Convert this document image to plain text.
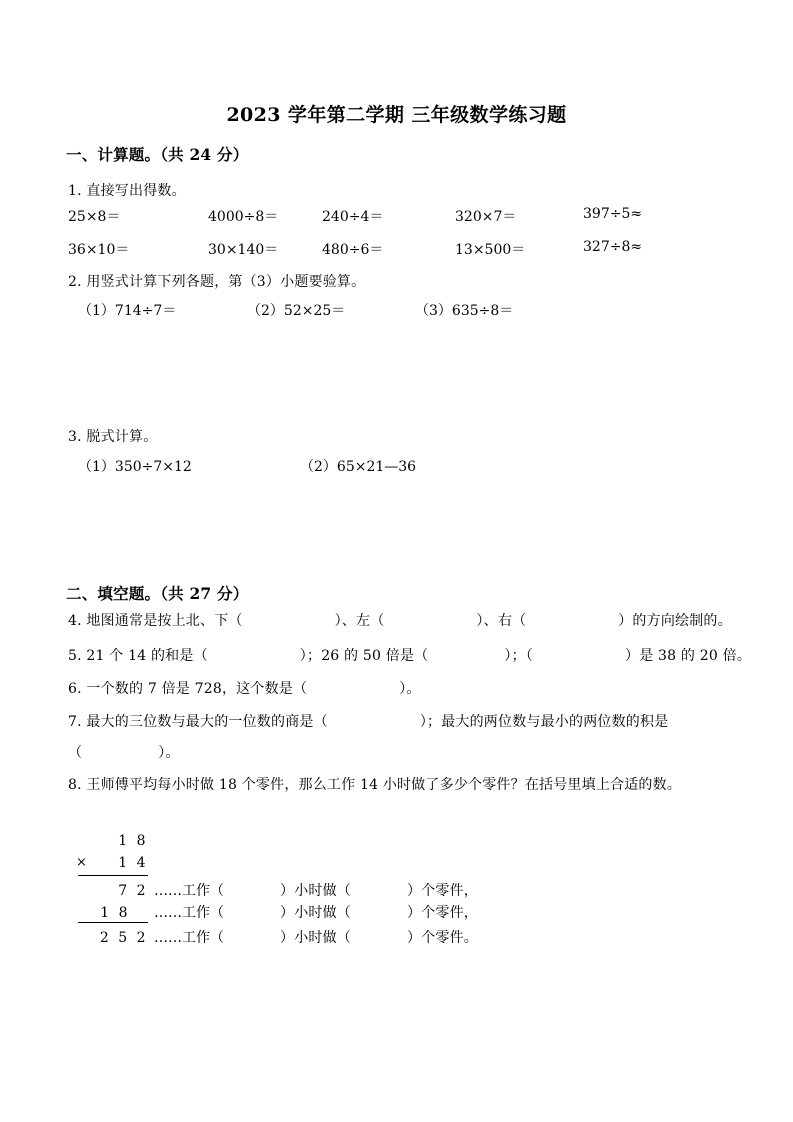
2023 学年第二学期 三年级数学练习题
一、计算题。（共 24 分）
1. 直接写出得数。
25×8＝	4000÷8＝	240÷4＝	320×7＝	397÷5≈
36×10＝	30×140＝	480÷6＝	13×500＝	327÷8≈
2. 用竖式计算下列各题，第（3）小题要验算。
（1）714÷7＝	（2）52×25＝	（3）635÷8＝
3. 脱式计算。
（1）350÷7×12	（2）65×21—36
二、填空题。（共 27 分）
4. 地图通常是按上北、下（	）、左（	）、右（	）的方向绘制的。
5. 21 个 14 的和是（	）；26 的 50 倍是（	）；（	）是 38 的 20 倍。
6. 一个数的 7 倍是 728，这个数是（	）。
7. 最大的三位数与最大的一位数的商是（	）；最大的两位数与最小的两位数的积是
（	）。
8. 王师傅平均每小时做 18 个零件，那么工作 14 小时做了多少个零件？在括号里填上合适的数。
1 8
× 1 4
7 2 ……工作（	）小时做（	）个零件，
1 8 ……工作（	）小时做（	）个零件，
2 5 2 ……工作（	）小时做（	）个零件。
